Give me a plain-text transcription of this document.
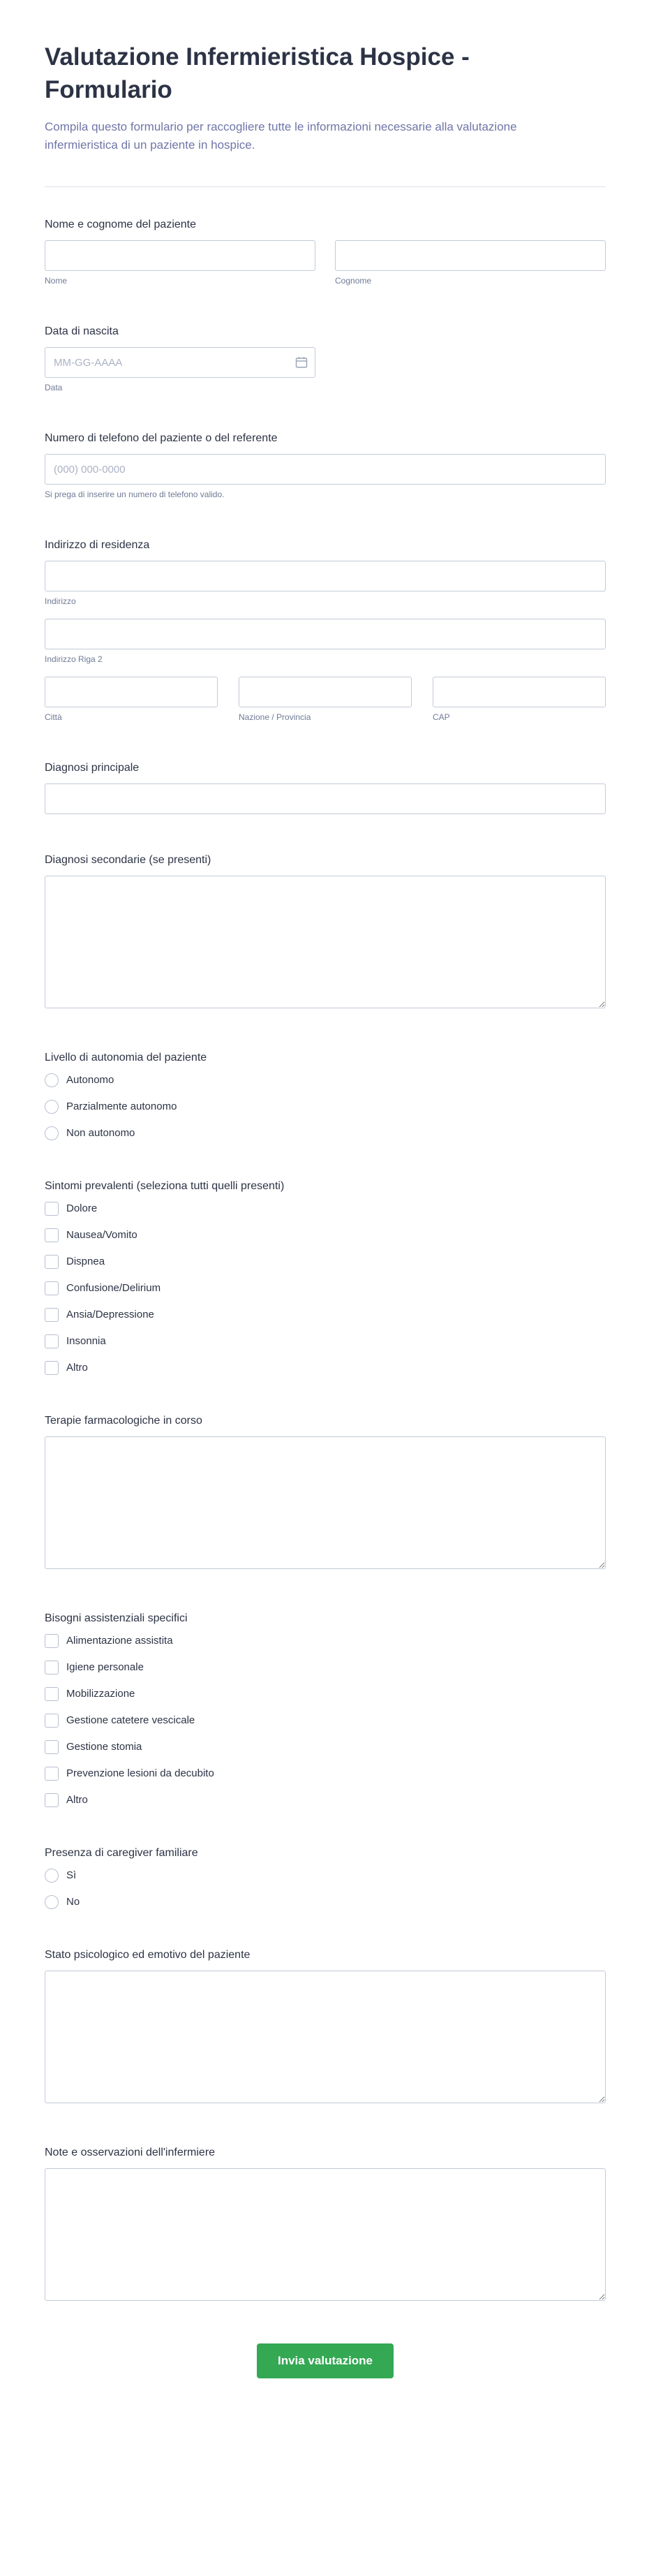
Valutazione Infermieristica Hospice - Formulario

Compila questo formulario per raccogliere tutte le informazioni necessarie alla valutazione infermieristica di un paziente in hospice.

Nome e cognome del paziente
Nome	Cognome
Data di nascita
MM-GG-AAAA
Data
Numero di telefono del paziente o del referente
(000) 000-0000
Si prega di inserire un numero di telefono valido.
Indirizzo di residenza
Indirizzo
Indirizzo Riga 2
Città	Nazione / Provincia	CAP
Diagnosi principale
Diagnosi secondarie (se presenti)
Livello di autonomia del paziente
Autonomo
Parzialmente autonomo
Non autonomo
Sintomi prevalenti (seleziona tutti quelli presenti)
Dolore
Nausea/Vomito
Dispnea
Confusione/Delirium
Ansia/Depressione
Insonnia
Altro
Terapie farmacologiche in corso
Bisogni assistenziali specifici
Alimentazione assistita
Igiene personale
Mobilizzazione
Gestione catetere vescicale
Gestione stomia
Prevenzione lesioni da decubito
Altro
Presenza di caregiver familiare
Sì
No
Stato psicologico ed emotivo del paziente
Note e osservazioni dell'infermiere
Invia valutazione
